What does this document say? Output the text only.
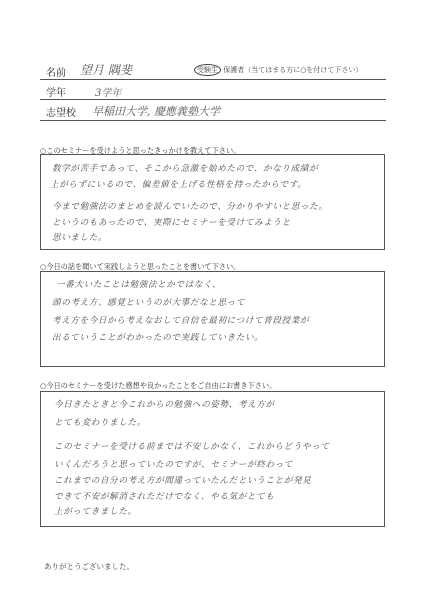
名前 望月 隅斐	受験生 保護者（当てはまる方に○を付けて下さい）
学年	3学年
志望校 早稲田大学, 慶應義塾大学
○このセミナーを受けようと思ったきっかけを教えて下さい。
数学が苦手であって、そこから急激を始めたので、かなり成績が
上がらずにいるので、偏差値を上げる性格を持ったからです。
今まで勉強法のまとめを読んでいたので、分かりやすいと思った。
というのもあったので、実際にセミナーを受けてみようと
思いました。
○今日の話を聞いて実践しようと思ったことを書いて下さい。
一番大いたことは勉強法とかではなく、
頭の考え方、感覚というのが大事だなと思って
考え方を今日から考えなおして自信を最初につけて普段授業が
出るていうことがわかったので実践していきたい。
○今日のセミナーを受けた感想や良かったことをご自由にお書き下さい。
今日きたときと今これからの勉強への姿勢、考え方が
とても変わりました。
このセミナーを受ける前までは不安しかなく、これからどうやって
いくんだろうと思っていたのですが、セミナーが終わって
これまでの自分の考え方が間違っていたんだということが発見
できて不安が解消されただけでなく、やる気がとても
上がってきました。
ありがとうございました。
